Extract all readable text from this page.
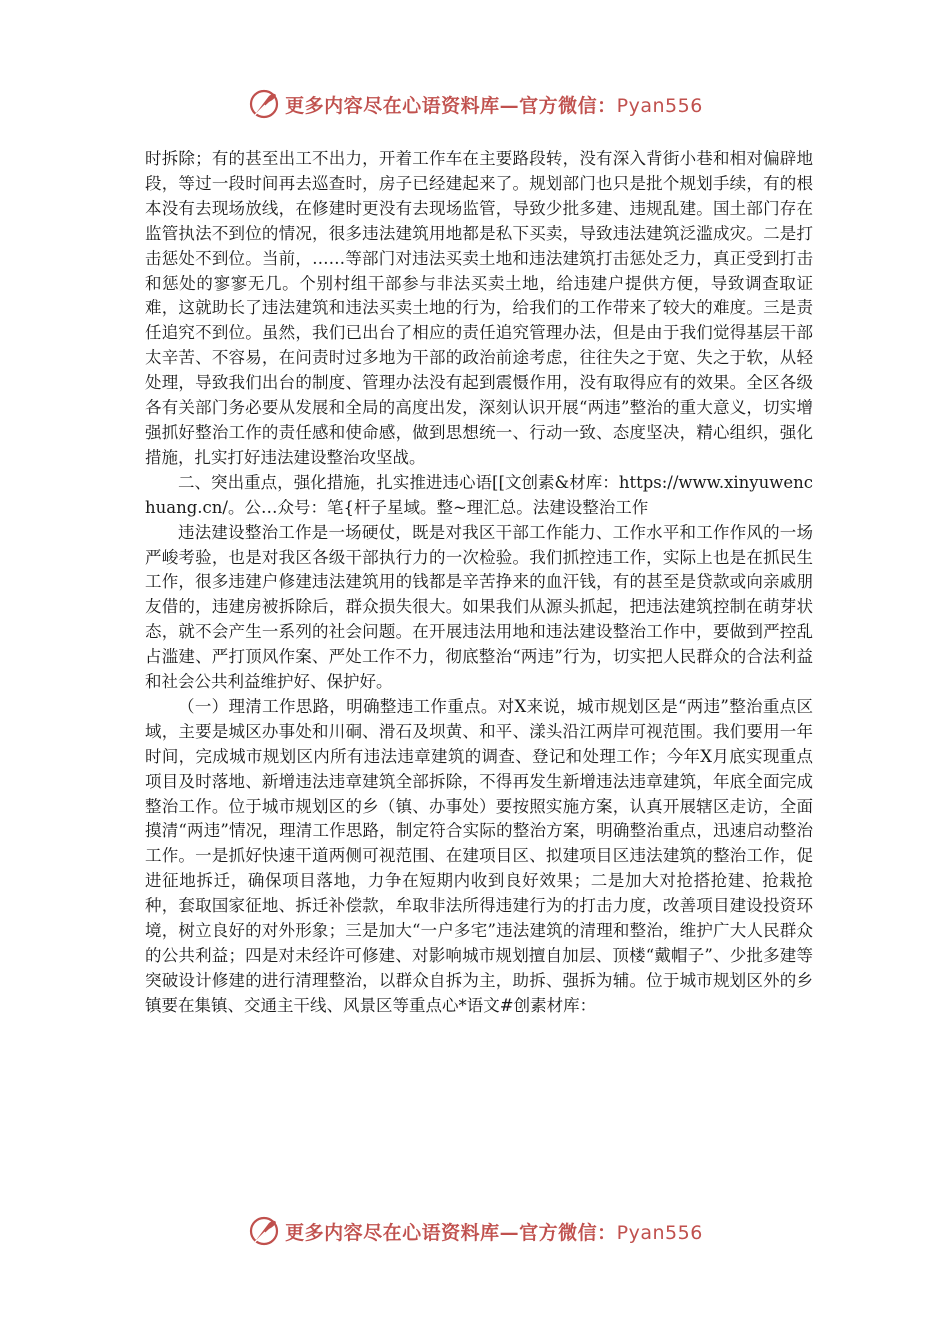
更多内容尽在心语资料库—官方微信：Pyan556

时拆除；有的甚至出工不出力，开着工作车在主要路段转，没有深入背街小巷和相对偏辟地段，等过一段时间再去巡查时，房子已经建起来了。规划部门也只是批个规划手续，有的根本没有去现场放线，在修建时更没有去现场监管，导致少批多建、违规乱建。国土部门存在监管执法不到位的情况，很多违法建筑用地都是私下买卖，导致违法建筑泛滥成灾。二是打击惩处不到位。当前，……等部门对违法买卖土地和违法建筑打击惩处乏力，真正受到打击和惩处的寥寥无几。个别村组干部参与非法买卖土地，给违建户提供方便，导致调查取证难，这就助长了违法建筑和违法买卖土地的行为，给我们的工作带来了较大的难度。三是责任追究不到位。虽然，我们已出台了相应的责任追究管理办法，但是由于我们觉得基层干部太辛苦、不容易，在问责时过多地为干部的政治前途考虑，往往失之于宽、失之于软，从轻处理，导致我们出台的制度、管理办法没有起到震慑作用，没有取得应有的效果。全区各级各有关部门务必要从发展和全局的高度出发，深刻认识开展“两违”整治的重大意义，切实增强抓好整治工作的责任感和使命感，做到思想统一、行动一致、态度坚决，精心组织，强化措施，扎实打好违法建设整治攻坚战。

二、突出重点，强化措施，扎实推进违心语[[文创素&材库：https://www.xinyuwenchuang.cn/。公…众号：笔{杆子星域。整~理汇总。法建设整治工作

违法建设整治工作是一场硬仗，既是对我区干部工作能力、工作水平和工作作风的一场严峻考验，也是对我区各级干部执行力的一次检验。我们抓控违工作，实际上也是在抓民生工作，很多违建户修建违法建筑用的钱都是辛苦挣来的血汗钱，有的甚至是贷款或向亲戚朋友借的，违建房被拆除后，群众损失很大。如果我们从源头抓起，把违法建筑控制在萌芽状态，就不会产生一系列的社会问题。在开展违法用地和违法建设整治工作中，要做到严控乱占滥建、严打顶风作案、严处工作不力，彻底整治“两违”行为，切实把人民群众的合法利益和社会公共利益维护好、保护好。

（一）理清工作思路，明确整违工作重点。对X来说，城市规划区是“两违”整治重点区域，主要是城区办事处和川硐、滑石及坝黄、和平、漾头沿江两岸可视范围。我们要用一年时间，完成城市规划区内所有违法违章建筑的调查、登记和处理工作；今年X月底实现重点项目及时落地、新增违法违章建筑全部拆除，不得再发生新增违法违章建筑，年底全面完成整治工作。位于城市规划区的乡（镇、办事处）要按照实施方案，认真开展辖区走访，全面摸清“两违”情况，理清工作思路，制定符合实际的整治方案，明确整治重点，迅速启动整治工作。一是抓好快速干道两侧可视范围、在建项目区、拟建项目区违法建筑的整治工作，促进征地拆迁，确保项目落地，力争在短期内收到良好效果；二是加大对抢搭抢建、抢栽抢种，套取国家征地、拆迁补偿款，牟取非法所得违建行为的打击力度，改善项目建设投资环境，树立良好的对外形象；三是加大“一户多宅”违法建筑的清理和整治，维护广大人民群众的公共利益；四是对未经许可修建、对影响城市规划擅自加层、顶楼“戴帽子”、少批多建等突破设计修建的进行清理整治，以群众自拆为主，助拆、强拆为辅。位于城市规划区外的乡镇要在集镇、交通主干线、风景区等重点心*语文#创素材库：

更多内容尽在心语资料库—官方微信：Pyan556
